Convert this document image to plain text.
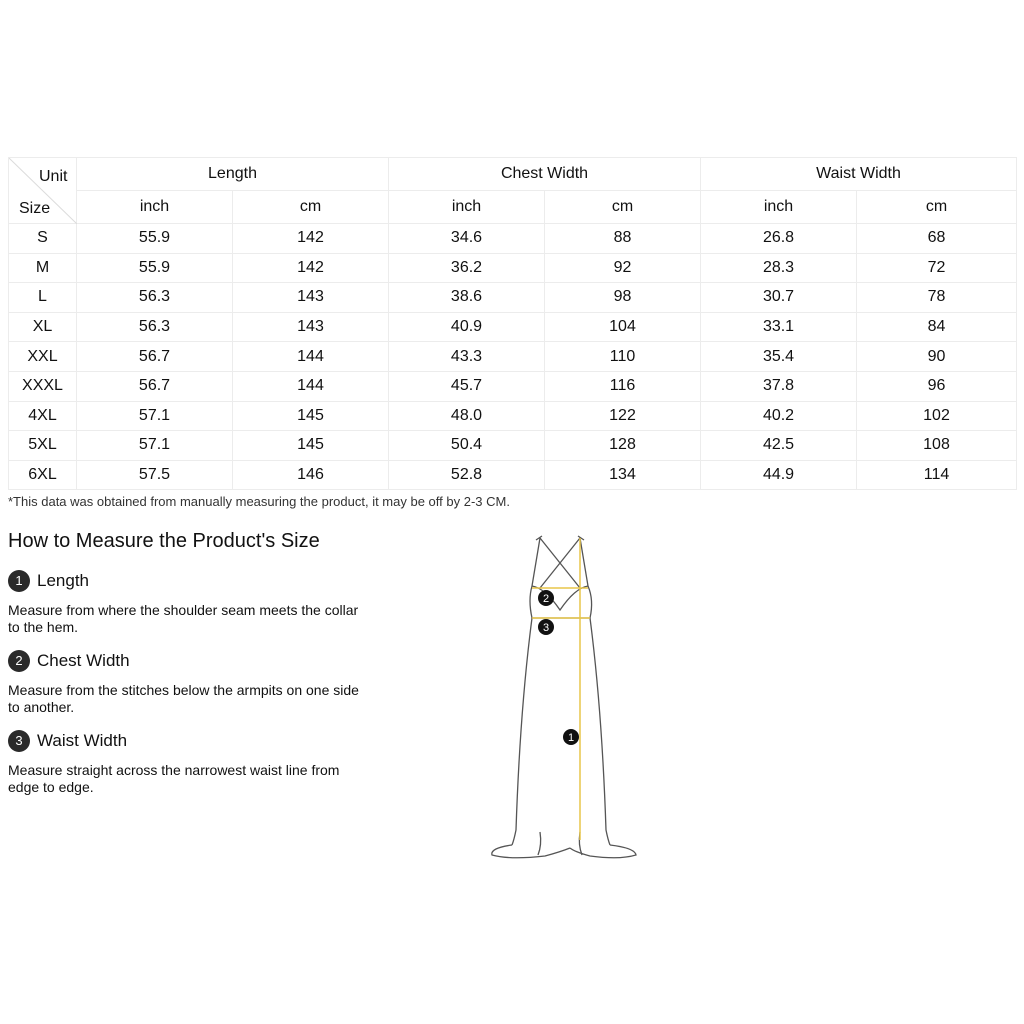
Unit
Size	Length		Chest Width		Waist Width	
	inch	cm	inch	cm	inch	cm
S	55.9	142	34.6	88	26.8	68
M	55.9	142	36.2	92	28.3	72
L	56.3	143	38.6	98	30.7	78
XL	56.3	143	40.9	104	33.1	84
XXL	56.7	144	43.3	110	35.4	90
XXXL	56.7	144	45.7	116	37.8	96
4XL	57.1	145	48.0	122	40.2	102
5XL	57.1	145	50.4	128	42.5	108
6XL	57.5	146	52.8	134	44.9	114
*This data was obtained from manually measuring the product, it may be off by 2-3 CM.
How to Measure the Product's Size
1 Length
Measure from where the shoulder seam meets the collar to the hem.
2 Chest Width
Measure from the stitches below the armpits on one side to another.
3 Waist Width
Measure straight across the narrowest waist line from edge to edge.
2
3
1
